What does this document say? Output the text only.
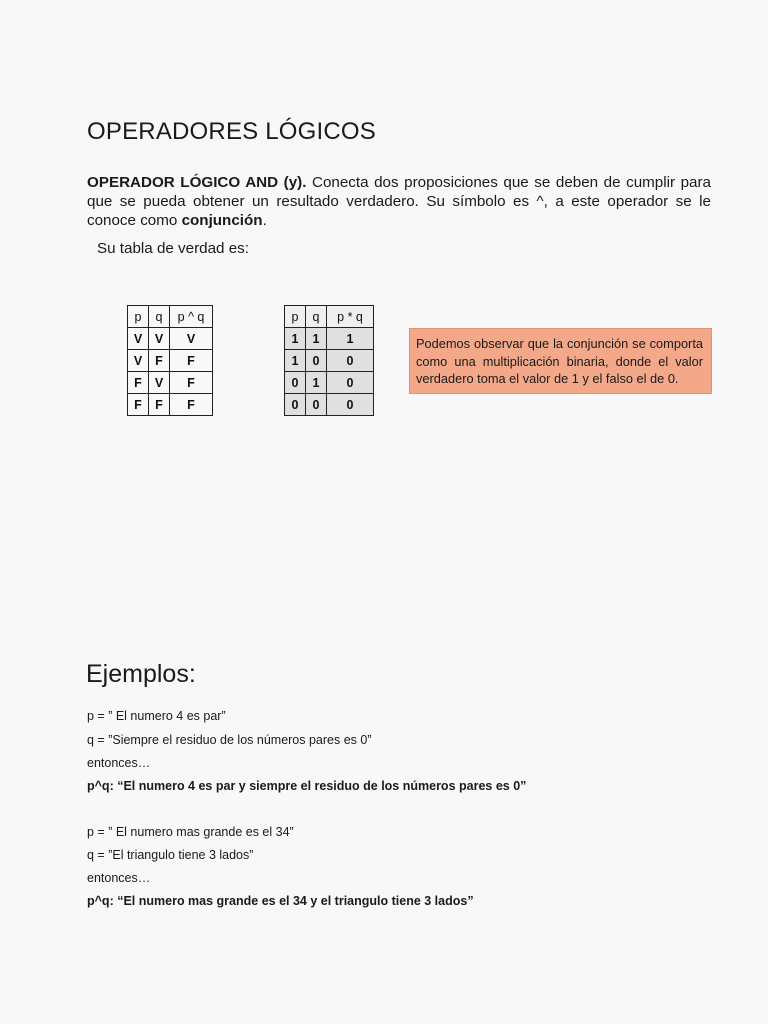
OPERADORES LÓGICOS
OPERADOR LÓGICO AND (y). Conecta dos proposiciones que se deben de cumplir para que se pueda obtener un resultado verdadero. Su símbolo es ^, a este operador se le conoce como conjunción.
Su tabla de verdad es:
p	q	p ^ q
V	V	V
V	F	F
F	V	F
F	F	F
p	q	p * q
1	1	1
1	0	0
0	1	0
0	0	0
Podemos observar que la conjunción se comporta como una multiplicación binaria, donde el valor verdadero toma el valor de 1 y el falso el de 0.
Ejemplos:
p = ” El numero 4 es par”
q = ”Siempre el residuo de los números pares es 0”
entonces…
p^q: “El numero 4 es par y siempre el residuo de los números pares es 0”
p = ” El numero mas grande es el 34”
q = ”El triangulo tiene 3 lados”
entonces…
p^q: “El numero mas grande es el 34 y el triangulo tiene 3 lados”
